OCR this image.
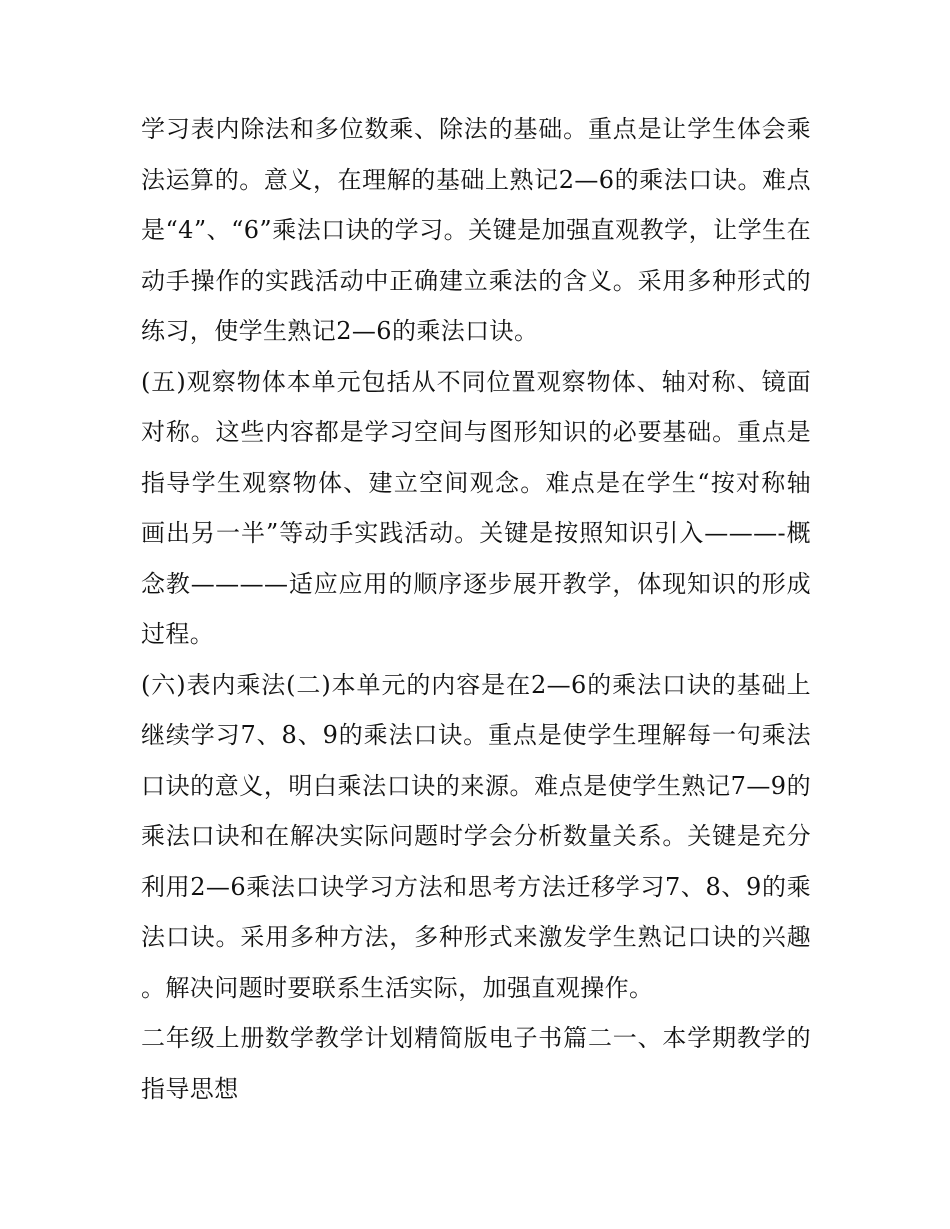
学习表内除法和多位数乘、除法的基础。重点是让学生体会乘法运算的。意义，在理解的基础上熟记2—6的乘法口诀。难点是“4”、“6”乘法口诀的学习。关键是加强直观教学，让学生在动手操作的实践活动中正确建立乘法的含义。采用多种形式的练习，使学生熟记2—6的乘法口诀。

(五)观察物体本单元包括从不同位置观察物体、轴对称、镜面对称。这些内容都是学习空间与图形知识的必要基础。重点是指导学生观察物体、建立空间观念。难点是在学生“按对称轴画出另一半”等动手实践活动。关键是按照知识引入———-概念教————适应应用的顺序逐步展开教学，体现知识的形成过程。

(六)表内乘法(二)本单元的内容是在2—6的乘法口诀的基础上继续学习7、8、9的乘法口诀。重点是使学生理解每一句乘法口诀的意义，明白乘法口诀的来源。难点是使学生熟记7—9的乘法口诀和在解决实际问题时学会分析数量关系。关键是充分利用2—6乘法口诀学习方法和思考方法迁移学习7、8、9的乘法口诀。采用多种方法，多种形式来激发学生熟记口诀的兴趣。解决问题时要联系生活实际，加强直观操作。

二年级上册数学教学计划精简版电子书篇二一、本学期教学的指导思想
